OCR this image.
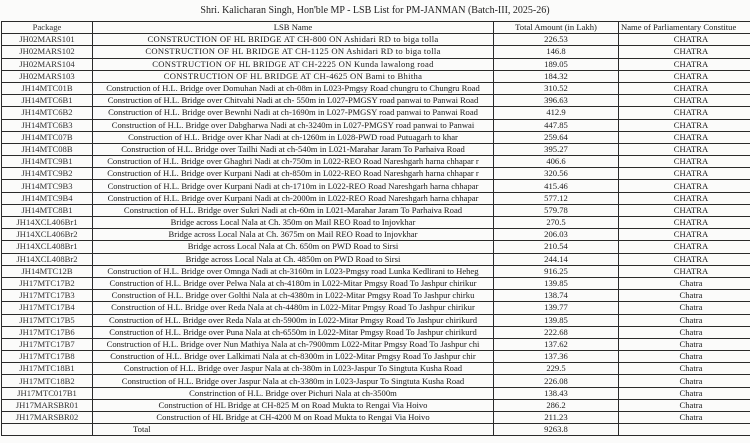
Shri. Kalicharan Singh, Hon'ble MP - LSB List for PM-JANMAN (Batch-III, 2025-26)
Package	LSB Name	Total Amount (in Lakh)	Name of Parliamentary Constitue
JH02MARS101	CONSTRUCTION OF HL BRIDGE AT CH-800 ON Ashidari RD to biga tolla	226.53	CHATRA
JH02MARS102	CONSTRUCTION OF HL BRIDGE AT CH-1125 ON Ashidari RD to biga tolla	146.8	CHATRA
JH02MARS104	CONSTRUCTION OF HL BRIDGE AT CH-2225 ON Kunda lawalong road	189.05	CHATRA
JH02MARS103	CONSTRUCTION OF HL BRIDGE AT CH-4625 ON Bami to Bhitha	184.32	CHATRA
JH14MTC01B	Construction of H.L. Bridge over Domuhan Nadi at ch-08m in L023-Pmgsy Road chungru to Chungru Road	310.52	CHATRA
JH14MTC6B1	Construction of H.L. Bridge over Chitvahi Nadi at ch- 550m in L027-PMGSY road panwai to Panwai Road	396.63	CHATRA
JH14MTC6B2	Construction of H.L. Bridge over Bewnhi Nadi at ch-1690m in L027-PMGSY road panwai to Panwai Road	412.9	CHATRA
JH14MTC6B3	Construction of H.L. Bridge over Dabgharwa Nadi at ch-3240m in L027-PMGSY road panwai to Panwai	447.85	CHATRA
JH14MTC07B	Construction of H.L. Bridge over Khar Nadi at ch-1260m in L028-PWD road Putuagarh to khar	259.64	CHATRA
JH14MTC08B	Construction of H.L. Bridge over Tailhi Nadi at ch-540m in L021-Marahar Jaram To Parhaiva Road	395.27	CHATRA
JH14MTC9B1	Construction of H.L. Bridge over Ghaghri Nadi at ch-750m in L022-REO Road Nareshgarh harna chhapar r	406.6	CHATRA
JH14MTC9B2	Construction of H.L. Bridge over Kurpani Nadi at ch-850m in L022-REO Road Nareshgarh harna chhapar r	320.56	CHATRA
JH14MTC9B3	Construction of H.L. Bridge over Kurpani Nadi at ch-1710m in L022-REO Road Nareshgarh harna chhapar	415.46	CHATRA
JH14MTC9B4	Construction of H.L. Bridge over Kurpani Nadi at ch-2000m in L022-REO Road Nareshgarh harna chhapar	577.12	CHATRA
JH14MTC8B1	Construction of H.L. Bridge over Sukri Nadi at ch-60m in L021-Marahar Jaram To Parhaiva Road	579.78	CHATRA
JH14XCL406Br1	Bridge across Local Nala at Ch. 350m on Mail REO Road to Injovkhar	270.5	CHATRA
JH14XCL406Br2	Bridge across Local Nala at Ch. 3675m on Mail REO Road to Injovkhar	206.03	CHATRA
JH14XCL408Br1	Bridge across Local Nala at Ch. 650m on PWD Road to Sirsi	210.54	CHATRA
JH14XCL408Br2	Bridge across Local Nala at Ch. 4850m on PWD Road to Sirsi	244.14	CHATRA
JH14MTC12B	Construction of H.L. Bridge over Omnga Nadi at ch-3160m in L023-Pmgsy road Lunka Kedlirani to Heheg	916.25	CHATRA
JH17MTC17B2	Construction of H.L. Bridge over Pelwa Nala at ch-4180m in L022-Mitar Pmgsy Road To Jashpur chirikur	139.85	Chatra
JH17MTC17B3	Construction of H.L. Bridge over Golthi Nala at ch-4380m in L022-Mitar Pmgsy Road To Jashpur chirku	138.74	Chatra
JH17MTC17B4	Construction of H.L. Bridge over Reda Nala at ch-4480m in L022-Mitar Pmgsy Road To Jashpur chirikur	139.77	Chatra
JH17MTC17B5	Construction of H.L. Bridge over Reda Nala at ch-5900m in L022-Mitar Pmgsy Road To Jashpur chirikurd	139.85	Chatra
JH17MTC17B6	Construction of H.L. Bridge over Puna Nala at ch-6550m in L022-Mitar Pmgsy Road To Jashpur chirikurd	222.68	Chatra
JH17MTC17B7	Construction of H.L. Bridge over Nun Mathiya Nala at ch-7900mm L022-Mitar Pmgsy Road To Jashpur chi	137.62	Chatra
JH17MTC17B8	Construction of H.L. Bridge over Lalkimati Nala at ch-8300m in L022-Mitar Pmgsy Road To Jashpur chir	137.36	Chatra
JH17MTC18B1	Construction of H.L. Bridge over Jaspur Nala at ch-380m in L023-Jaspur To Singtuta Kusha Road	229.5	Chatra
JH17MTC18B2	Construction of H.L. Bridge over Jaspur Nala at ch-3380m in L023-Jaspur To Singtuta Kusha Road	226.08	Chatra
JH17MTC017B1	Constrinction of H.L. Bridge over Pichuri Nala at ch-3500m	138.43	Chatra
JH17MARSBR01	Construction of HL Bridge at CH-825 M on Road Mukta to Rengai Via Hoivo	286.2	Chatra
JH17MARSBR02	Construction of HL Bridge at CH-4200 M on Road Mukta to Rengai Via Hoivo	211.23	Chatra
	Total	9263.8	
